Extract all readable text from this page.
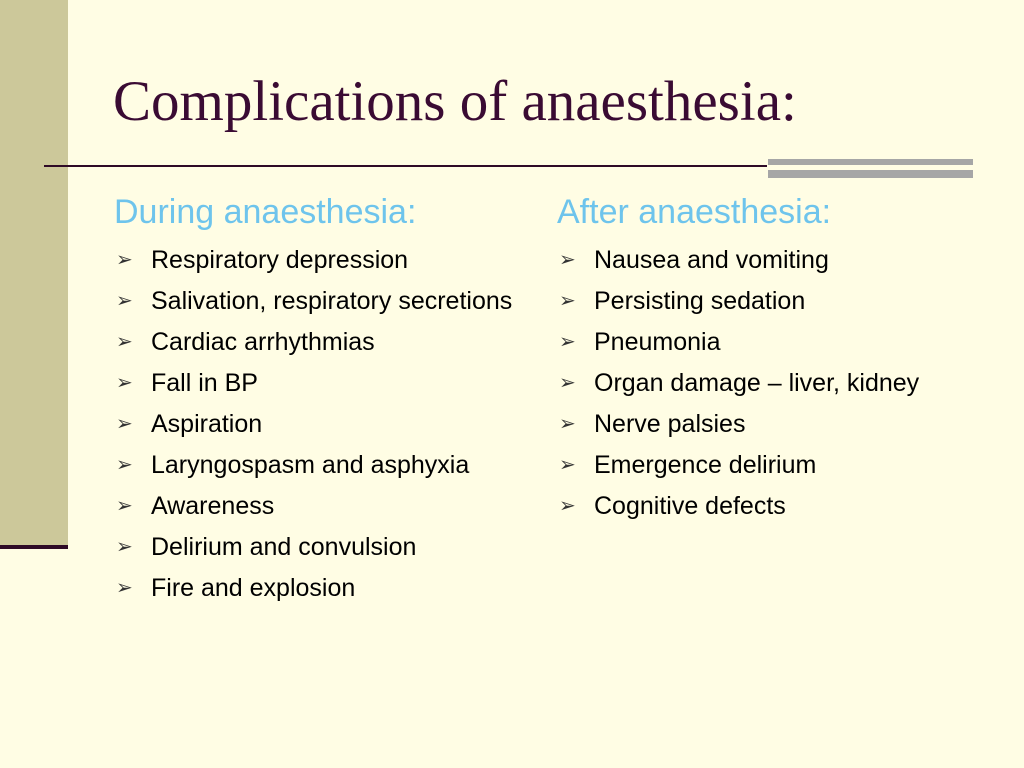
Complications of anaesthesia:
During anaesthesia:
➢ Respiratory depression
➢ Salivation, respiratory secretions
➢ Cardiac arrhythmias
➢ Fall in BP
➢ Aspiration
➢ Laryngospasm and asphyxia
➢ Awareness
➢ Delirium and convulsion
➢ Fire and explosion
After anaesthesia:
➢ Nausea and vomiting
➢ Persisting sedation
➢ Pneumonia
➢ Organ damage – liver, kidney
➢ Nerve palsies
➢ Emergence delirium
➢ Cognitive defects
